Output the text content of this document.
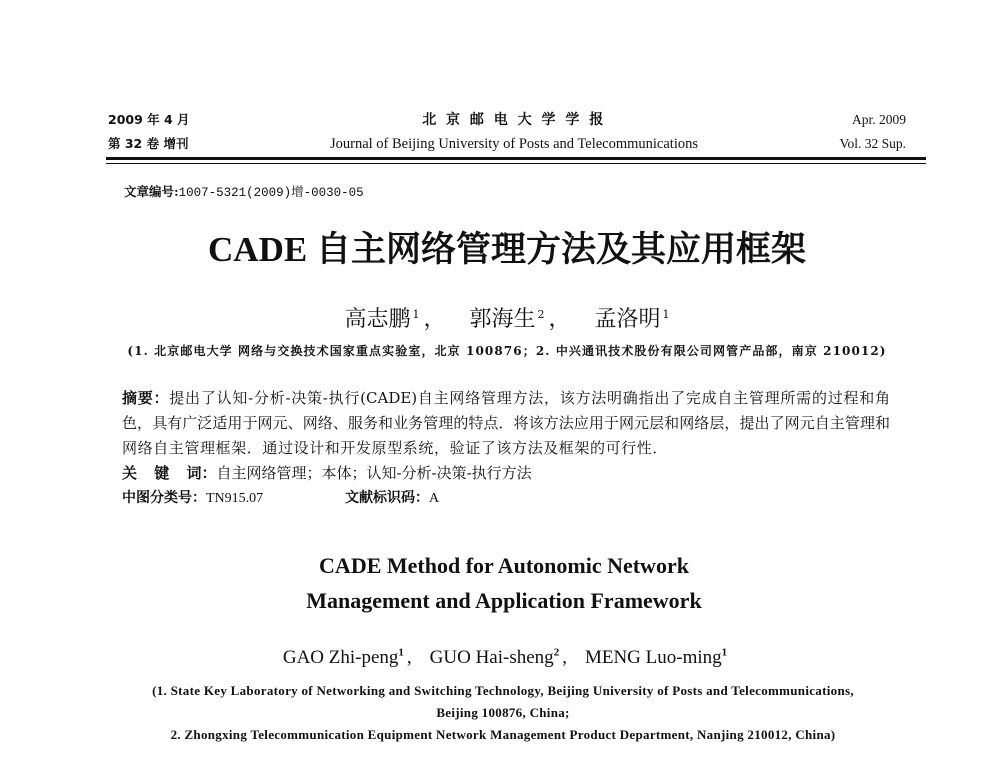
2009 年 4 月
第 32 卷 增刊
北 京 邮 电 大 学 学 报
Journal of Beijing University of Posts and Telecommunications
Apr. 2009
Vol. 32 Sup.
文章编号:1007-5321(2009)增-0030-05
CADE 自主网络管理方法及其应用框架
高志鹏 $^1$ ， 郭海生 $^2$ ， 孟洛明 $^1$
(1. 北京邮电大学 网络与交换技术国家重点实验室，北京 100876；2. 中兴通讯技术股份有限公司网管产品部，南京 210012)
摘要：提出了认知-分析-决策-执行(CADE)自主网络管理方法，该方法明确指出了完成自主管理所需的过程和角
色，具有广泛适用于网元、网络、服务和业务管理的特点．将该方法应用于网元层和网络层，提出了网元自主管理和
网络自主管理框架．通过设计和开发原型系统，验证了该方法及框架的可行性．
关 键 词：自主网络管理；本体；认知-分析-决策-执行方法
中图分类号：TN915.07	文献标识码：A
CADE Method for Autonomic Network
Management and Application Framework
GAO Zhi-peng$^1$ , GUO Hai-sheng$^2$ , MENG Luo-ming$^1$
(1. State Key Laboratory of Networking and Switching Technology, Beijing University of Posts and Telecommunications,
Beijing 100876, China;
2. Zhongxing Telecommunication Equipment Network Management Product Department, Nanjing 210012, China)
